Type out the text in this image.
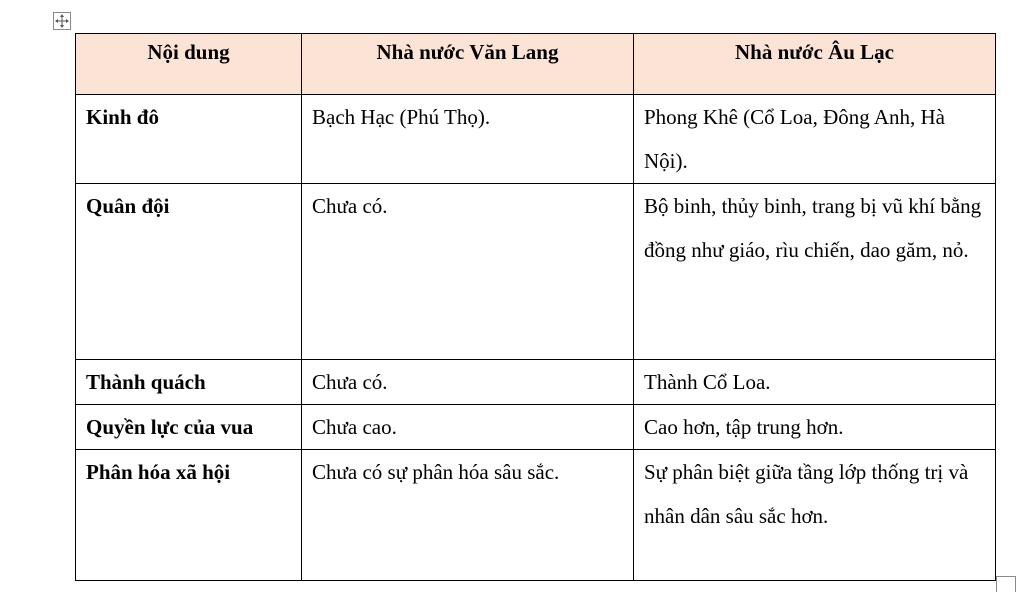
Nội dung	Nhà nước Văn Lang	Nhà nước Âu Lạc
Kinh đô	Bạch Hạc (Phú Thọ).	Phong Khê (Cổ Loa, Đông Anh, Hà Nội).
Quân đội	Chưa có.	Bộ binh, thủy binh, trang bị vũ khí bằng đồng như giáo, rìu chiến, dao găm, nỏ.
Thành quách	Chưa có.	Thành Cổ Loa.
Quyền lực của vua	Chưa cao.	Cao hơn, tập trung hơn.
Phân hóa xã hội	Chưa có sự phân hóa sâu sắc.	Sự phân biệt giữa tầng lớp thống trị và nhân dân sâu sắc hơn.
